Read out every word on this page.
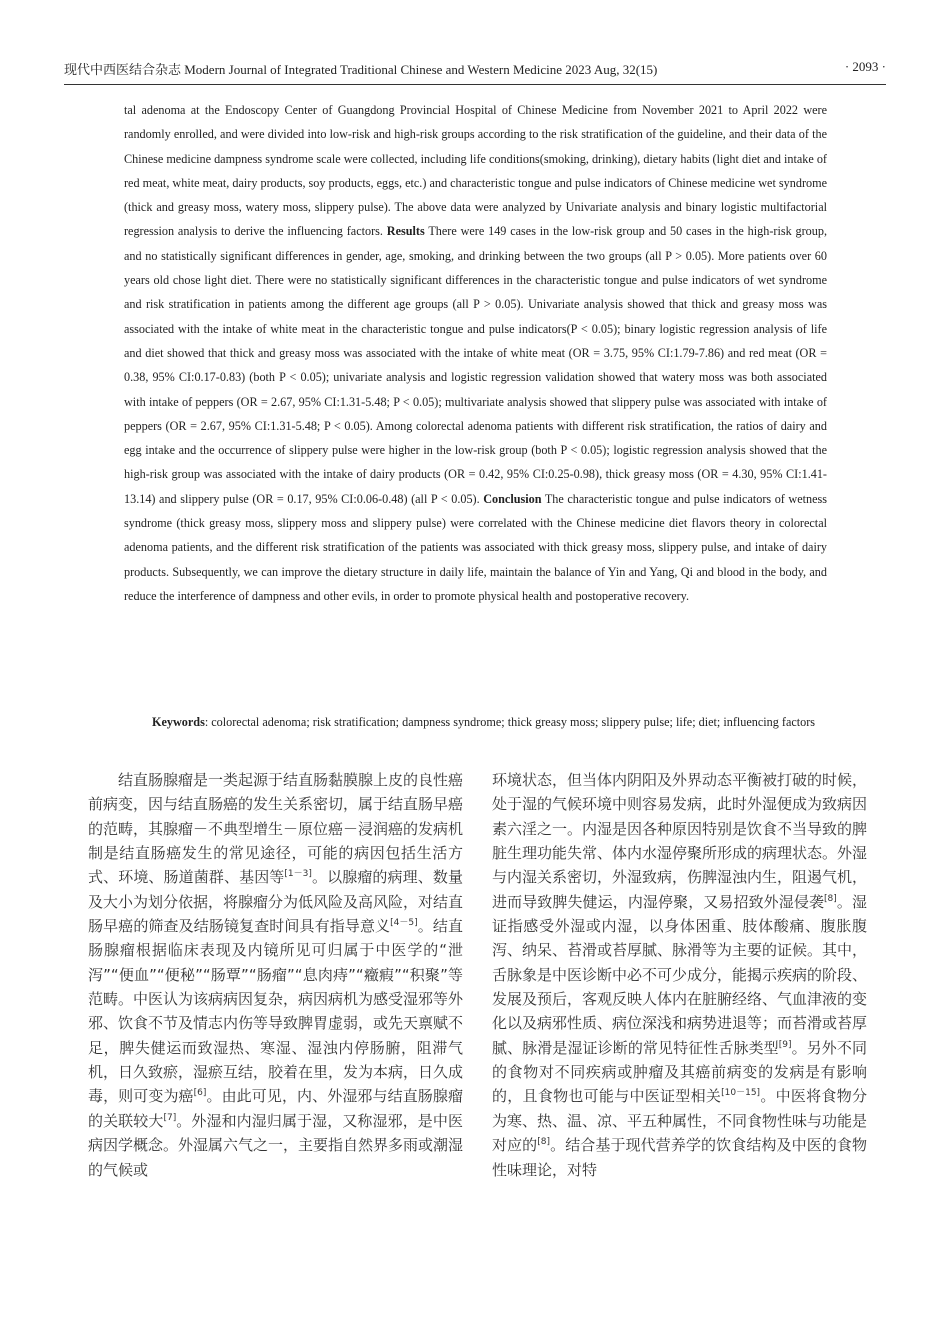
现代中西医结合杂志 Modern Journal of Integrated Traditional Chinese and Western Medicine 2023 Aug, 32(15)	· 2093 ·
tal adenoma at the Endoscopy Center of Guangdong Provincial Hospital of Chinese Medicine from November 2021 to April 2022 were randomly enrolled, and were divided into low-risk and high-risk groups according to the risk stratification of the guideline, and their data of the Chinese medicine dampness syndrome scale were collected, including life conditions(smoking, drinking), dietary habits (light diet and intake of red meat, white meat, dairy products, soy products, eggs, etc.) and characteristic tongue and pulse indicators of Chinese medicine wet syndrome (thick and greasy moss, watery moss, slippery pulse). The above data were analyzed by Univariate analysis and binary logistic multifactorial regression analysis to derive the influencing factors. Results There were 149 cases in the low-risk group and 50 cases in the high-risk group, and no statistically significant differences in gender, age, smoking, and drinking between the two groups (all P > 0.05). More patients over 60 years old chose light diet. There were no statistically significant differences in the characteristic tongue and pulse indicators of wet syndrome and risk stratification in patients among the different age groups (all P > 0.05). Univariate analysis showed that thick and greasy moss was associated with the intake of white meat in the characteristic tongue and pulse indicators(P < 0.05); binary logistic regression analysis of life and diet showed that thick and greasy moss was associated with the intake of white meat (OR = 3.75, 95% CI:1.79-7.86) and red meat (OR = 0.38, 95% CI:0.17-0.83) (both P < 0.05); univariate analysis and logistic regression validation showed that watery moss was both associated with intake of peppers (OR = 2.67, 95% CI:1.31-5.48; P < 0.05); multivariate analysis showed that slippery pulse was associated with intake of peppers (OR = 2.67, 95% CI:1.31-5.48; P < 0.05). Among colorectal adenoma patients with different risk stratification, the ratios of dairy and egg intake and the occurrence of slippery pulse were higher in the low-risk group (both P < 0.05); logistic regression analysis showed that the high-risk group was associated with the intake of dairy products (OR = 0.42, 95% CI:0.25-0.98), thick greasy moss (OR = 4.30, 95% CI:1.41-13.14) and slippery pulse (OR = 0.17, 95% CI:0.06-0.48) (all P < 0.05). Conclusion The characteristic tongue and pulse indicators of wetness syndrome (thick greasy moss, slippery moss and slippery pulse) were correlated with the Chinese medicine diet flavors theory in colorectal adenoma patients, and the different risk stratification of the patients was associated with thick greasy moss, slippery pulse, and intake of dairy products. Subsequently, we can improve the dietary structure in daily life, maintain the balance of Yin and Yang, Qi and blood in the body, and reduce the interference of dampness and other evils, in order to promote physical health and postoperative recovery.
Keywords: colorectal adenoma; risk stratification; dampness syndrome; thick greasy moss; slippery pulse; life; diet; influencing factors

结直肠腺瘤是一类起源于结直肠黏膜腺上皮的良性癌前病变，因与结直肠癌的发生关系密切，属于结直肠早癌的范畴，其腺瘤－不典型增生－原位癌－浸润癌的发病机制是结直肠癌发生的常见途径，可能的病因包括生活方式、环境、肠道菌群、基因等[1－3]。以腺瘤的病理、数量及大小为划分依据，将腺瘤分为低风险及高风险，对结直肠早癌的筛查及结肠镜复查时间具有指导意义[4－5]。结直肠腺瘤根据临床表现及内镜所见可归属于中医学的“泄泻”“便血”“便秘”“肠覃”“肠瘤”“息肉痔”“癥瘕”“积聚”等范畴。中医认为该病病因复杂，病因病机为感受湿邪等外邪、饮食不节及情志内伤等导致脾胃虚弱，或先天禀赋不足，脾失健运而致湿热、寒湿、湿浊内停肠腑，阻滞气机，日久致瘀，湿瘀互结，胶着在里，发为本病，日久成毒，则可变为癌[6]。由此可见，内、外湿邪与结直肠腺瘤的关联较大[7]。外湿和内湿归属于湿，又称湿邪，是中医病因学概念。外湿属六气之一，主要指自然界多雨或潮湿的气候或

环境状态，但当体内阴阳及外界动态平衡被打破的时候，处于湿的气候环境中则容易发病，此时外湿便成为致病因素六淫之一。内湿是因各种原因特别是饮食不当导致的脾脏生理功能失常、体内水湿停聚所形成的病理状态。外湿与内湿关系密切，外湿致病，伤脾湿浊内生，阻遏气机，进而导致脾失健运，内湿停聚，又易招致外湿侵袭[8]。湿证指感受外湿或内湿，以身体困重、肢体酸痛、腹胀腹泻、纳呆、苔滑或苔厚腻、脉滑等为主要的证候。其中，舌脉象是中医诊断中必不可少成分，能揭示疾病的阶段、发展及预后，客观反映人体内在脏腑经络、气血津液的变化以及病邪性质、病位深浅和病势进退等；而苔滑或苔厚腻、脉滑是湿证诊断的常见特征性舌脉类型[9]。另外不同的食物对不同疾病或肿瘤及其癌前病变的发病是有影响的，且食物也可能与中医证型相关[10－15]。中医将食物分为寒、热、温、凉、平五种属性，不同食物性味与功能是对应的[8]。结合基于现代营养学的饮食结构及中医的食物性味理论，对特
